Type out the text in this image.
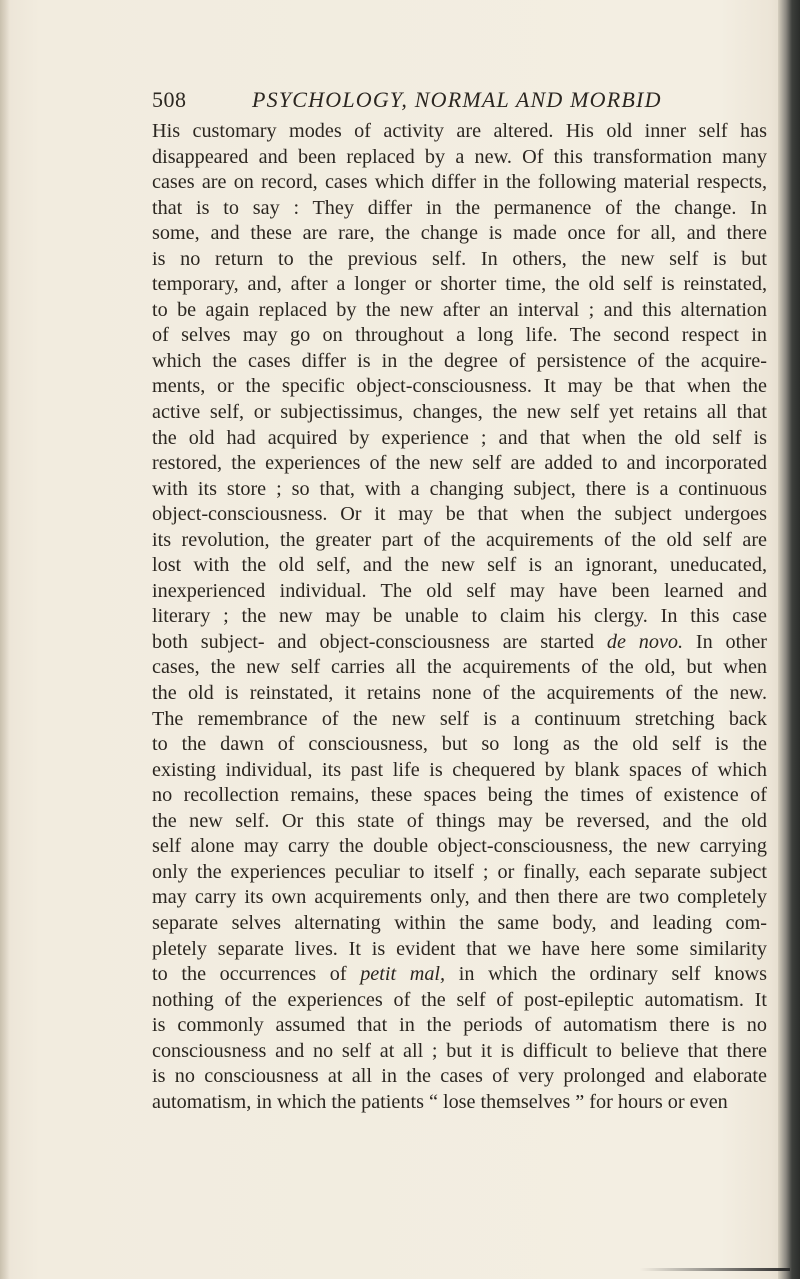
508	PSYCHOLOGY, NORMAL AND MORBID
His customary modes of activity are altered. His old inner self has
disappeared and been replaced by a new. Of this transformation many
cases are on record, cases which differ in the following material respects,
that is to say : They differ in the permanence of the change. In
some, and these are rare, the change is made once for all, and there
is no return to the previous self. In others, the new self is but
temporary, and, after a longer or shorter time, the old self is reinstated,
to be again replaced by the new after an interval ; and this alternation
of selves may go on throughout a long life. The second respect in
which the cases differ is in the degree of persistence of the acquire-
ments, or the specific object-consciousness. It may be that when the
active self, or subjectissimus, changes, the new self yet retains all that
the old had acquired by experience ; and that when the old self is
restored, the experiences of the new self are added to and incorporated
with its store ; so that, with a changing subject, there is a continuous
object-consciousness. Or it may be that when the subject undergoes
its revolution, the greater part of the acquirements of the old self are
lost with the old self, and the new self is an ignorant, uneducated,
inexperienced individual. The old self may have been learned and
literary ; the new may be unable to claim his clergy. In this case
both subject- and object-consciousness are started de novo. In other
cases, the new self carries all the acquirements of the old, but when
the old is reinstated, it retains none of the acquirements of the new.
The remembrance of the new self is a continuum stretching back
to the dawn of consciousness, but so long as the old self is the
existing individual, its past life is chequered by blank spaces of which
no recollection remains, these spaces being the times of existence of
the new self. Or this state of things may be reversed, and the old
self alone may carry the double object-consciousness, the new carrying
only the experiences peculiar to itself ; or finally, each separate subject
may carry its own acquirements only, and then there are two completely
separate selves alternating within the same body, and leading com-
pletely separate lives. It is evident that we have here some similarity
to the occurrences of petit mal, in which the ordinary self knows
nothing of the experiences of the self of post-epileptic automatism. It
is commonly assumed that in the periods of automatism there is no
consciousness and no self at all ; but it is difficult to believe that there
is no consciousness at all in the cases of very prolonged and elaborate
automatism, in which the patients “ lose themselves ” for hours or even
